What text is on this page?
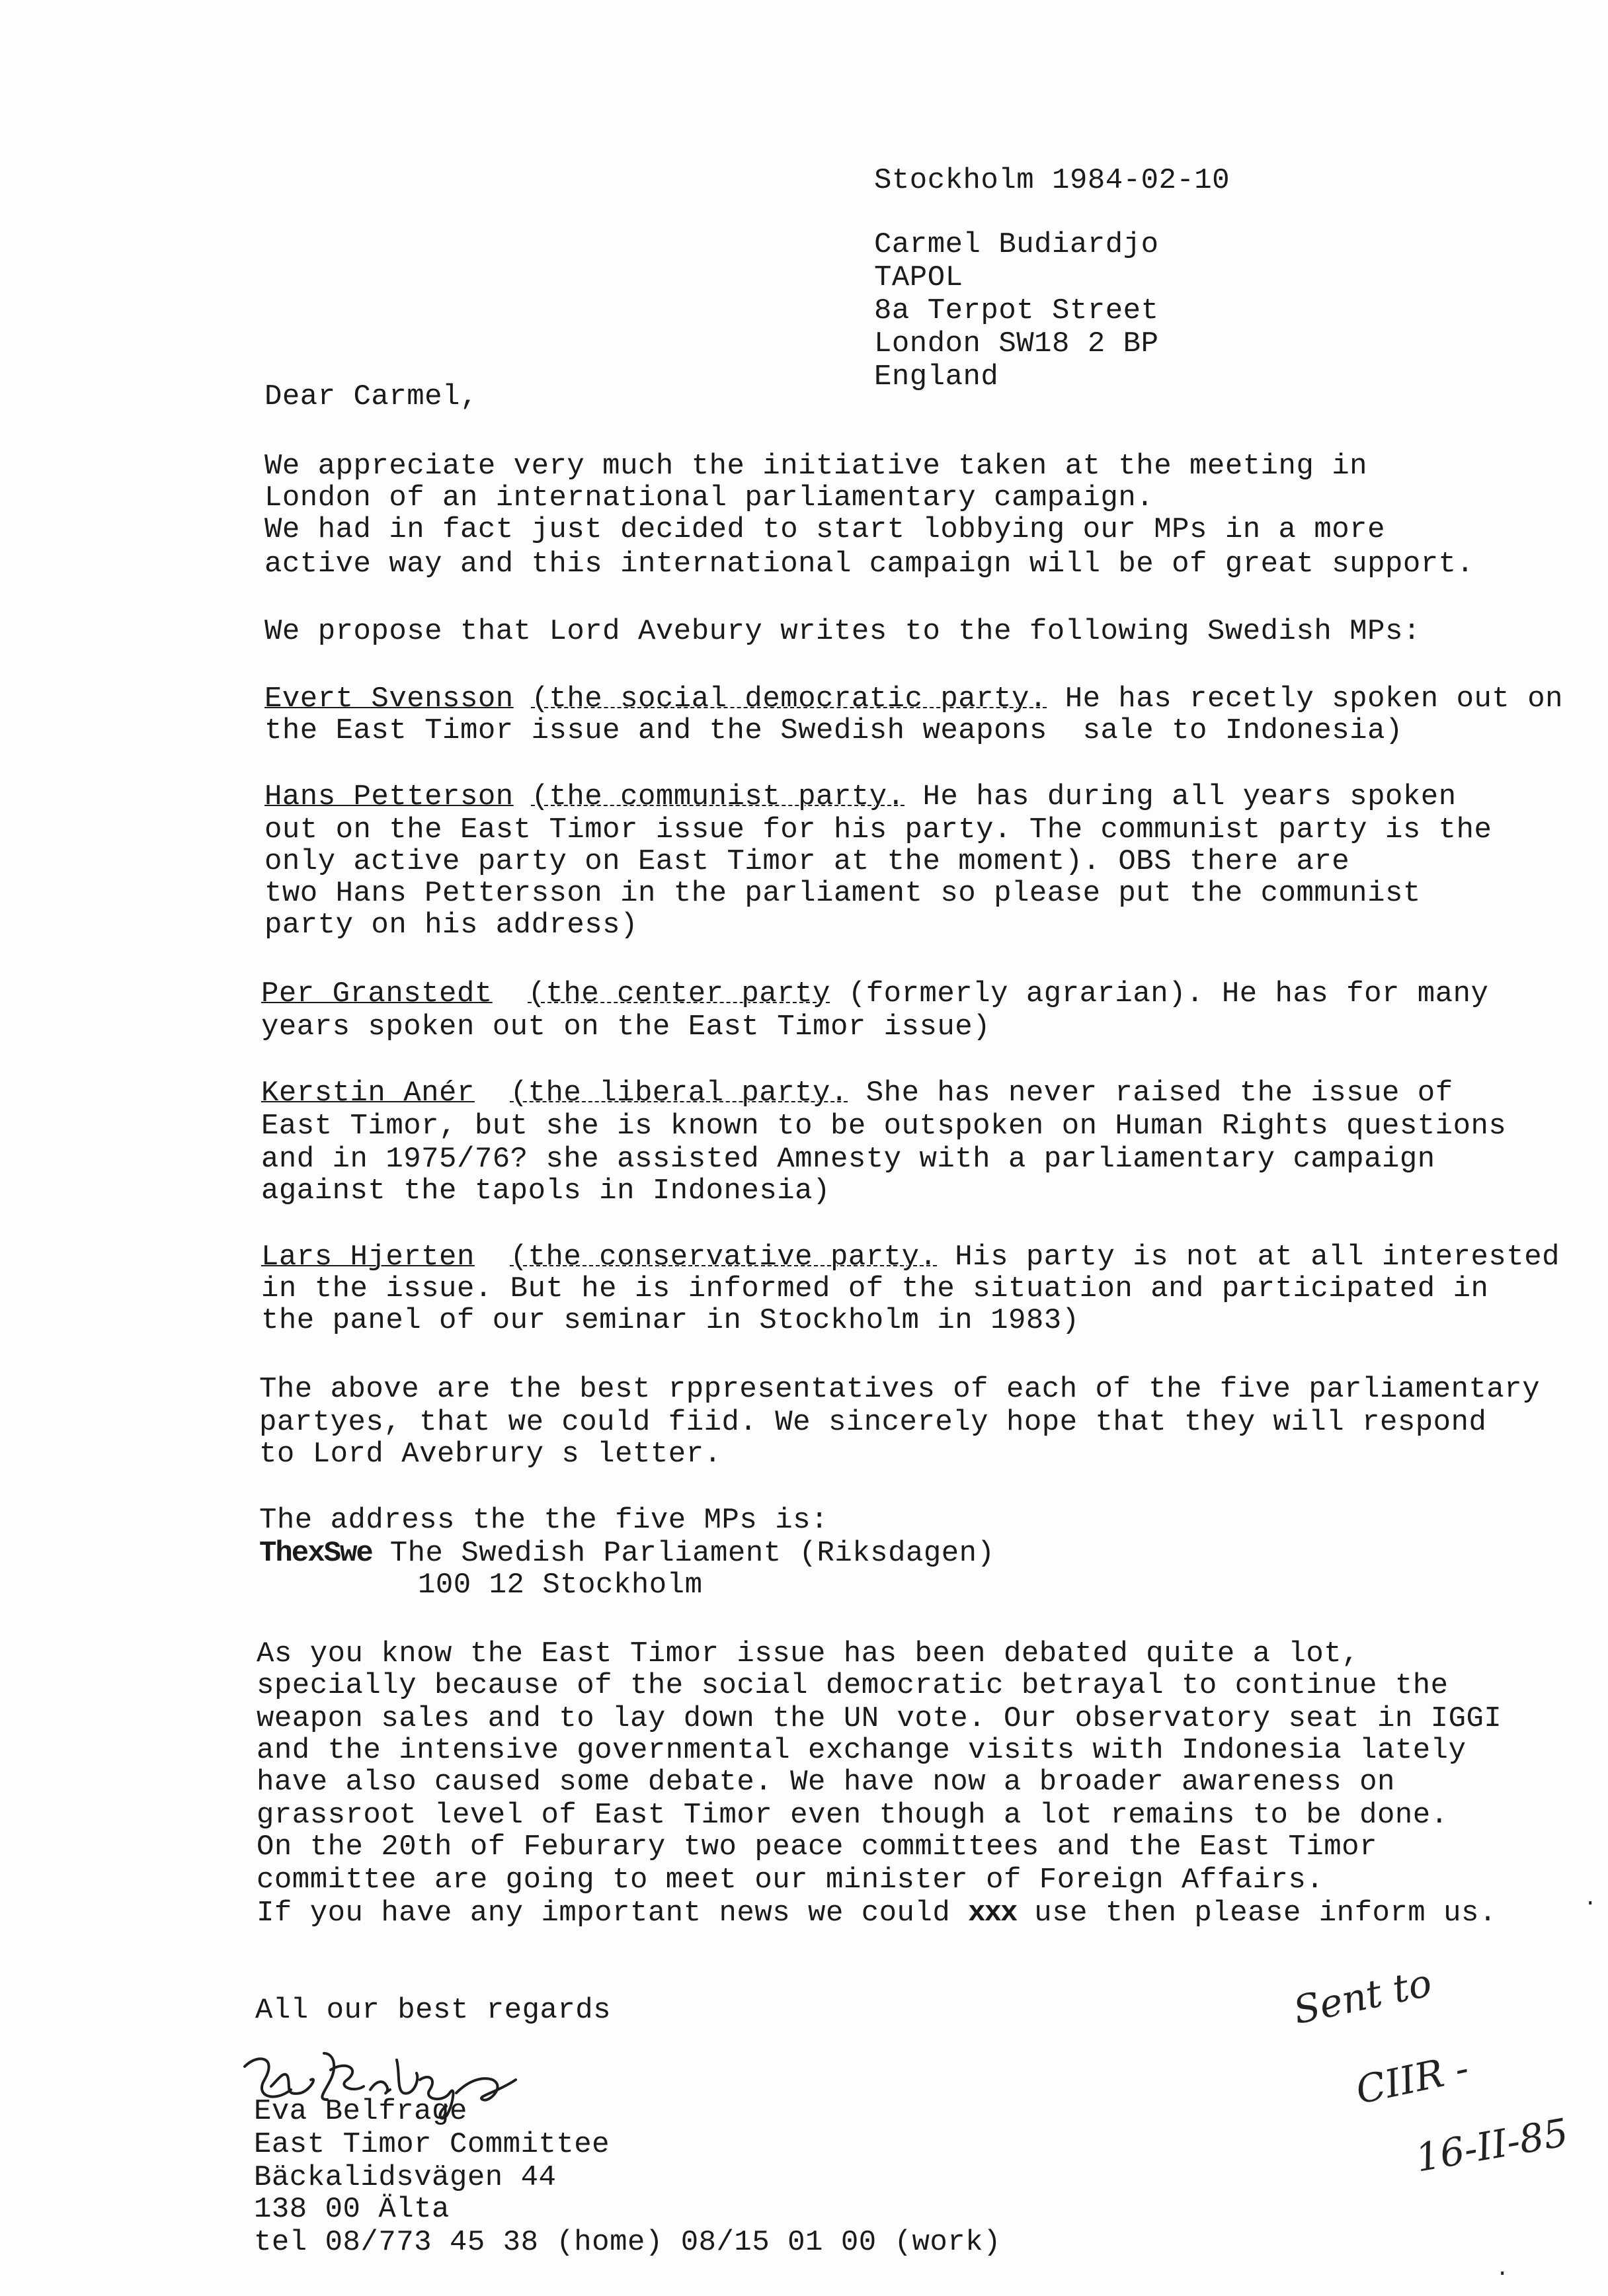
Stockholm 1984-02-10
Carmel Budiardjo
TAPOL
8a Terpot Street
London SW18 2 BP
England
Dear Carmel,
We appreciate very much the initiative taken at the meeting in
London of an international parliamentary campaign.
We had in fact just decided to start lobbying our MPs in a more
active way and this international campaign will be of great support.
We propose that Lord Avebury writes to the following Swedish MPs:
Evert Svensson (the social democratic party. He has recetly spoken out on
the East Timor issue and the Swedish weapons  sale to Indonesia)
Hans Petterson (the communist party. He has during all years spoken
out on the East Timor issue for his party. The communist party is the
only active party on East Timor at the moment). OBS there are
two Hans Pettersson in the parliament so please put the communist
party on his address)
Per Granstedt (the center party (formerly agrarian). He has for many
years spoken out on the East Timor issue)
Kerstin Anér (the liberal party. She has never raised the issue of
East Timor, but she is known to be outspoken on Human Rights questions
and in 1975/76? she assisted Amnesty with a parliamentary campaign
against the tapols in Indonesia)
Lars Hjerten (the conservative party. His party is not at all interested
in the issue. But he is informed of the situation and participated in
the panel of our seminar in Stockholm in 1983)
The above are the best rppresentatives of each of the five parliamentary
partyes, that we could fiid. We sincerely hope that they will respond
to Lord Avebrury s letter.
The address the the five MPs is:
ThexSwe The Swedish Parliament (Riksdagen)
100 12 Stockholm
As you know the East Timor issue has been debated quite a lot,
specially because of the social democratic betrayal to continue the
weapon sales and to lay down the UN vote. Our observatory seat in IGGI
and the intensive governmental exchange visits with Indonesia lately
have also caused some debate. We have now a broader awareness on
grassroot level of East Timor even though a lot remains to be done.
On the 20th of Feburary two peace committees and the East Timor
committee are going to meet our minister of Foreign Affairs.
If you have any important news we could xxx use then please inform us.
All our best regards
Eva Belfrage
East Timor Committee
Bäckalidsvägen 44
138 00 Älta
tel 08/773 45 38 (home) 08/15 01 00 (work)
Sent to
CIIR -
16-II-85
·
·
